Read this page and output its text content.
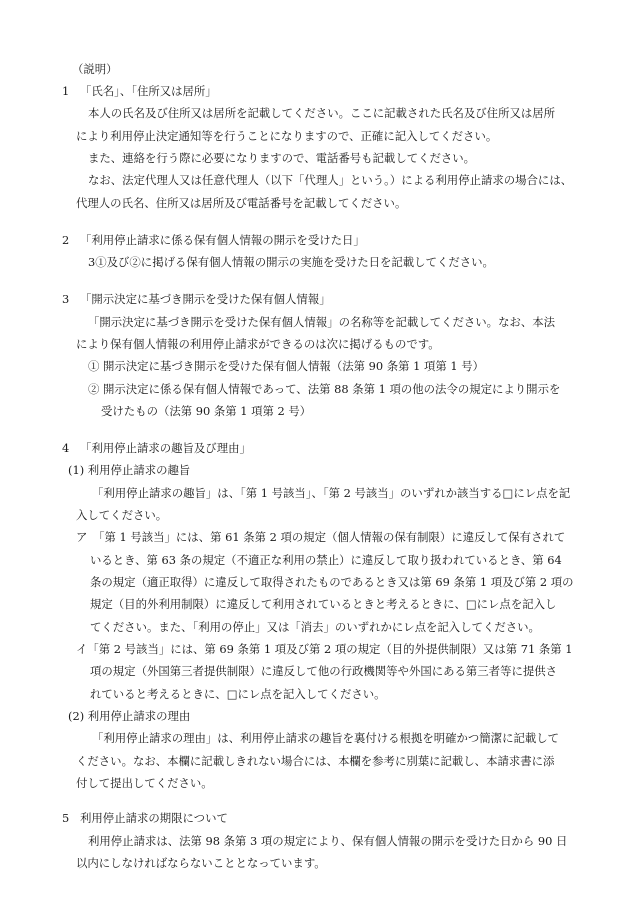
（説明）
1 「氏名」、「住所又は居所」
本人の氏名及び住所又は居所を記載してください。ここに記載された氏名及び住所又は居所
により利用停止決定通知等を行うことになりますので、正確に記入してください。
また、連絡を行う際に必要になりますので、電話番号も記載してください。
なお、法定代理人又は任意代理人（以下「代理人」という。）による利用停止請求の場合には、
代理人の氏名、住所又は居所及び電話番号を記載してください。
2 「利用停止請求に係る保有個人情報の開示を受けた日」
3①及び②に掲げる保有個人情報の開示の実施を受けた日を記載してください。
3 「開示決定に基づき開示を受けた保有個人情報」
「開示決定に基づき開示を受けた保有個人情報」の名称等を記載してください。なお、本法
により保有個人情報の利用停止請求ができるのは次に掲げるものです。
① 開示決定に基づき開示を受けた保有個人情報（法第 90 条第 1 項第 1 号）
② 開示決定に係る保有個人情報であって、法第 88 条第 1 項の他の法令の規定により開示を
受けたもの（法第 90 条第 1 項第 2 号）
4 「利用停止請求の趣旨及び理由」
(1) 利用停止請求の趣旨
「利用停止請求の趣旨」は、「第 1 号該当」、「第 2 号該当」のいずれか該当する□にレ点を記
入してください。
ア　「第 1 号該当」には、第 61 条第 2 項の規定（個人情報の保有制限）に違反して保有されて
いるとき、第 63 条の規定（不適正な利用の禁止）に違反して取り扱われているとき、第 64
条の規定（適正取得）に違反して取得されたものであるとき又は第 69 条第 1 項及び第 2 項の
規定（目的外利用制限）に違反して利用されているときと考えるときに、□にレ点を記入し
てください。また、「利用の停止」又は「消去」のいずれかにレ点を記入してください。
イ「第 2 号該当」には、第 69 条第 1 項及び第 2 項の規定（目的外提供制限）又は第 71 条第 1
項の規定（外国第三者提供制限）に違反して他の行政機関等や外国にある第三者等に提供さ
れていると考えるときに、□にレ点を記入してください。
(2) 利用停止請求の理由
「利用停止請求の理由」は、利用停止請求の趣旨を裏付ける根拠を明確かつ簡潔に記載して
ください。なお、本欄に記載しきれない場合には、本欄を参考に別葉に記載し、本請求書に添
付して提出してください。
5 利用停止請求の期限について
利用停止請求は、法第 98 条第 3 項の規定により、保有個人情報の開示を受けた日から 90 日
以内にしなければならないこととなっています。
